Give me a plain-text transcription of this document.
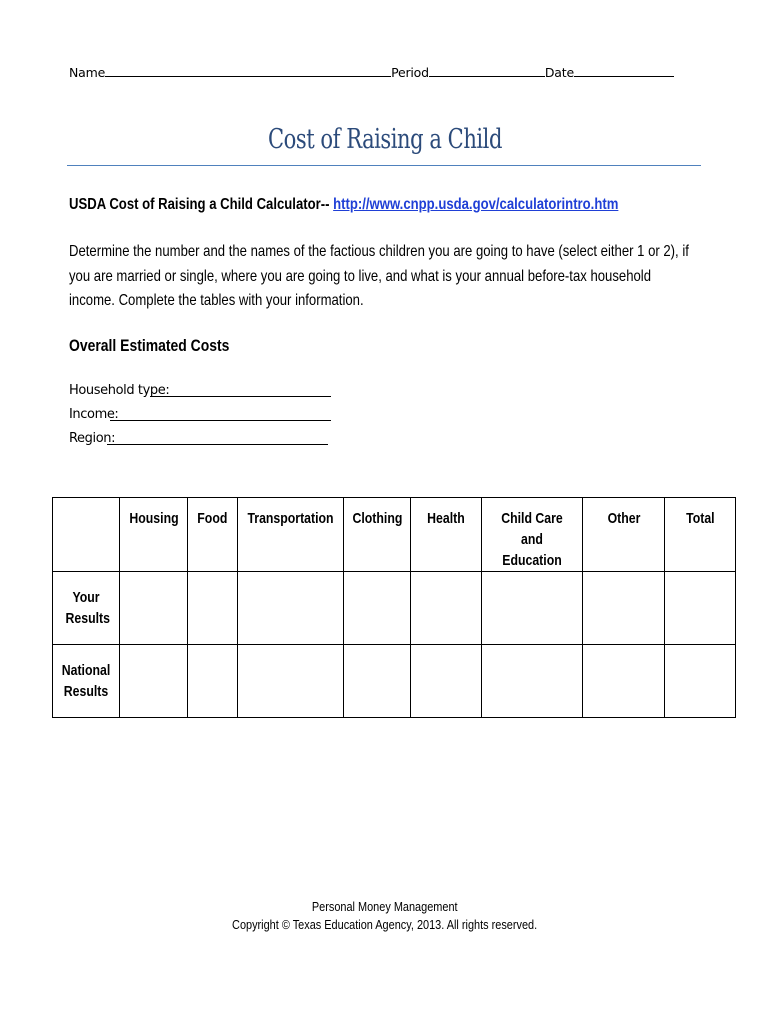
Name	Period	Date
Cost of Raising a Child
USDA Cost of Raising a Child Calculator-- http://www.cnpp.usda.gov/calculatorintro.htm
Determine the number and the names of the factious children you are going to have (select either 1 or 2), if you are married or single, where you are going to live, and what is your annual before-tax household income. Complete the tables with your information.
Overall Estimated Costs
Household type:
Income:
Region:
	Housing	Food	Transportation	Clothing	Health	Child Care and Education	Other	Total
Your Results								
National Results								
Personal Money Management
Copyright © Texas Education Agency, 2013. All rights reserved.
